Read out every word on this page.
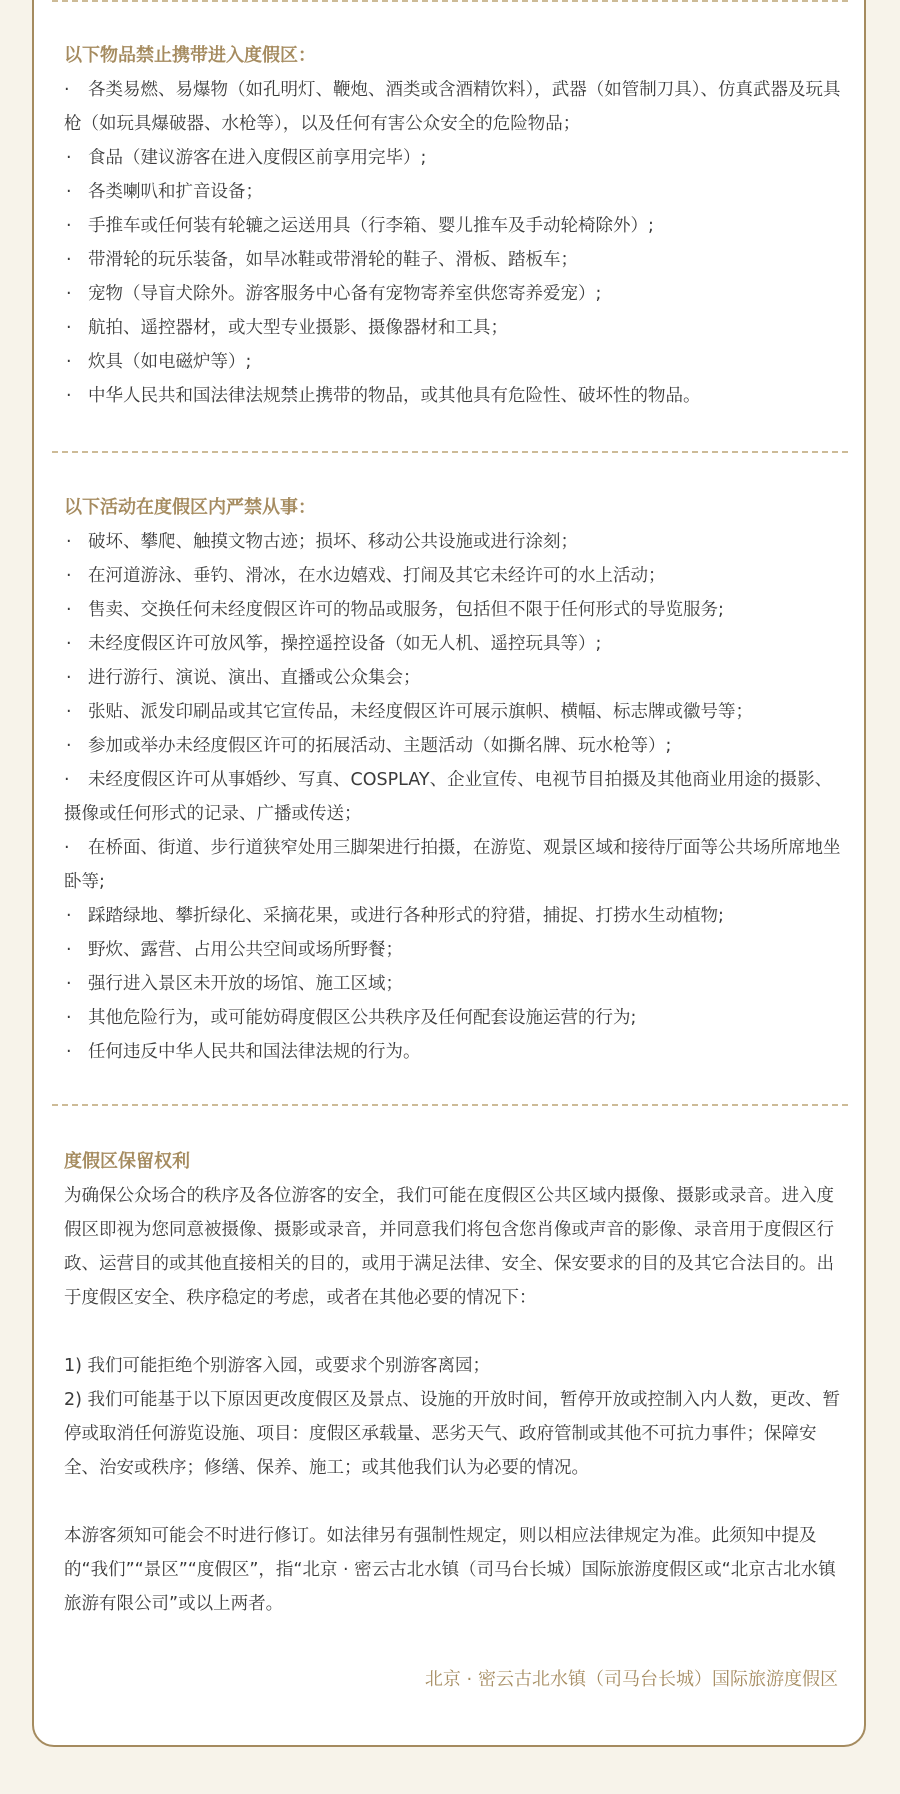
以下物品禁止携带进入度假区：
· 各类易燃、易爆物（如孔明灯、鞭炮、酒类或含酒精饮料），武器（如管制刀具）、仿真武器及玩具枪（如玩具爆破器、水枪等），以及任何有害公众安全的危险物品；
· 食品（建议游客在进入度假区前享用完毕）;
· 各类喇叭和扩音设备；
· 手推车或任何装有轮辘之运送用具（行李箱、婴儿推车及手动轮椅除外）;
· 带滑轮的玩乐装备，如旱冰鞋或带滑轮的鞋子、滑板、踏板车；
· 宠物（导盲犬除外。游客服务中心备有宠物寄养室供您寄养爱宠）;
· 航拍、遥控器材，或大型专业摄影、摄像器材和工具；
· 炊具（如电磁炉等）;
· 中华人民共和国法律法规禁止携带的物品，或其他具有危险性、破坏性的物品。
以下活动在度假区内严禁从事：
· 破坏、攀爬、触摸文物古迹；损坏、移动公共设施或进行涂刻；
· 在河道游泳、垂钓、滑冰，在水边嬉戏、打闹及其它未经许可的水上活动；
· 售卖、交换任何未经度假区许可的物品或服务，包括但不限于任何形式的导览服务;
· 未经度假区许可放风筝，操控遥控设备（如无人机、遥控玩具等）;
· 进行游行、演说、演出、直播或公众集会；
· 张贴、派发印刷品或其它宣传品，未经度假区许可展示旗帜、横幅、标志牌或徽号等；
· 参加或举办未经度假区许可的拓展活动、主题活动（如撕名牌、玩水枪等）;
· 未经度假区许可从事婚纱、写真、COSPLAY、企业宣传、电视节目拍摄及其他商业用途的摄影、摄像或任何形式的记录、广播或传送；
· 在桥面、街道、步行道狭窄处用三脚架进行拍摄，在游览、观景区域和接待厅面等公共场所席地坐卧等;
· 踩踏绿地、攀折绿化、采摘花果，或进行各种形式的狩猎，捕捉、打捞水生动植物;
· 野炊、露营、占用公共空间或场所野餐；
· 强行进入景区未开放的场馆、施工区域；
· 其他危险行为，或可能妨碍度假区公共秩序及任何配套设施运营的行为;
· 任何违反中华人民共和国法律法规的行为。
度假区保留权利

为确保公众场合的秩序及各位游客的安全，我们可能在度假区公共区域内摄像、摄影或录音。进入度假区即视为您同意被摄像、摄影或录音，并同意我们将包含您肖像或声音的影像、录音用于度假区行政、运营目的或其他直接相关的目的，或用于满足法律、安全、保安要求的目的及其它合法目的。出于度假区安全、秩序稳定的考虑，或者在其他必要的情况下：

1) 我们可能拒绝个别游客入园，或要求个别游客离园；

2) 我们可能基于以下原因更改度假区及景点、设施的开放时间，暂停开放或控制入内人数，更改、暂停或取消任何游览设施、项目：度假区承载量、恶劣天气、政府管制或其他不可抗力事件；保障安全、治安或秩序；修缮、保养、施工；或其他我们认为必要的情况。

本游客须知可能会不时进行修订。如法律另有强制性规定，则以相应法律规定为准。此须知中提及的“我们”“景区”“度假区”，指“北京 · 密云古北水镇（司马台长城）国际旅游度假区或“北京古北水镇旅游有限公司”或以上两者。

北京 · 密云古北水镇（司马台长城）国际旅游度假区
